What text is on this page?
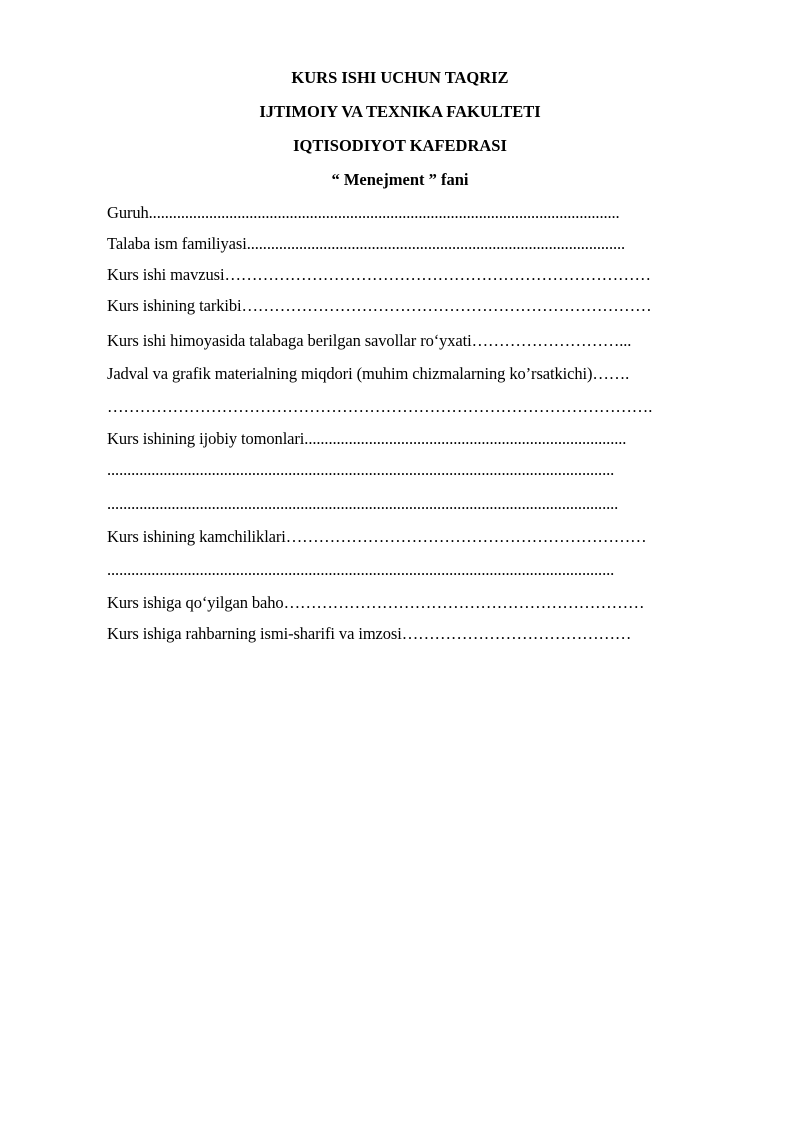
KURS ISHI UCHUN TAQRIZ
IJTIMOIY VA TEXNIKA FAKULTETI
IQTISODIYOT KAFEDRASI
“ Menejment ” fani
Guruh.....................................................................................................................
Talaba ism familiyasi..............................................................................................
Kurs ishi mavzusi……………………………………………………………………
Kurs ishining tarkibi…………………………………………………………………
Kurs ishi himoyasida talabaga berilgan savollar ro‘yxati………………………...
Jadval va grafik materialning miqdori (muhim chizmalarning ko’rsatkichi)…….
……………………………………………………………………………………….
Kurs ishining ijobiy tomonlari................................................................................
..............................................................................................................................
...............................................................................................................................
Kurs ishining kamchiliklari…………………………………………………………
..............................................................................................................................
Kurs ishiga qo‘yilgan baho…………………………………………………………
Kurs ishiga rahbarning ismi-sharifi va imzosi……………………………………
